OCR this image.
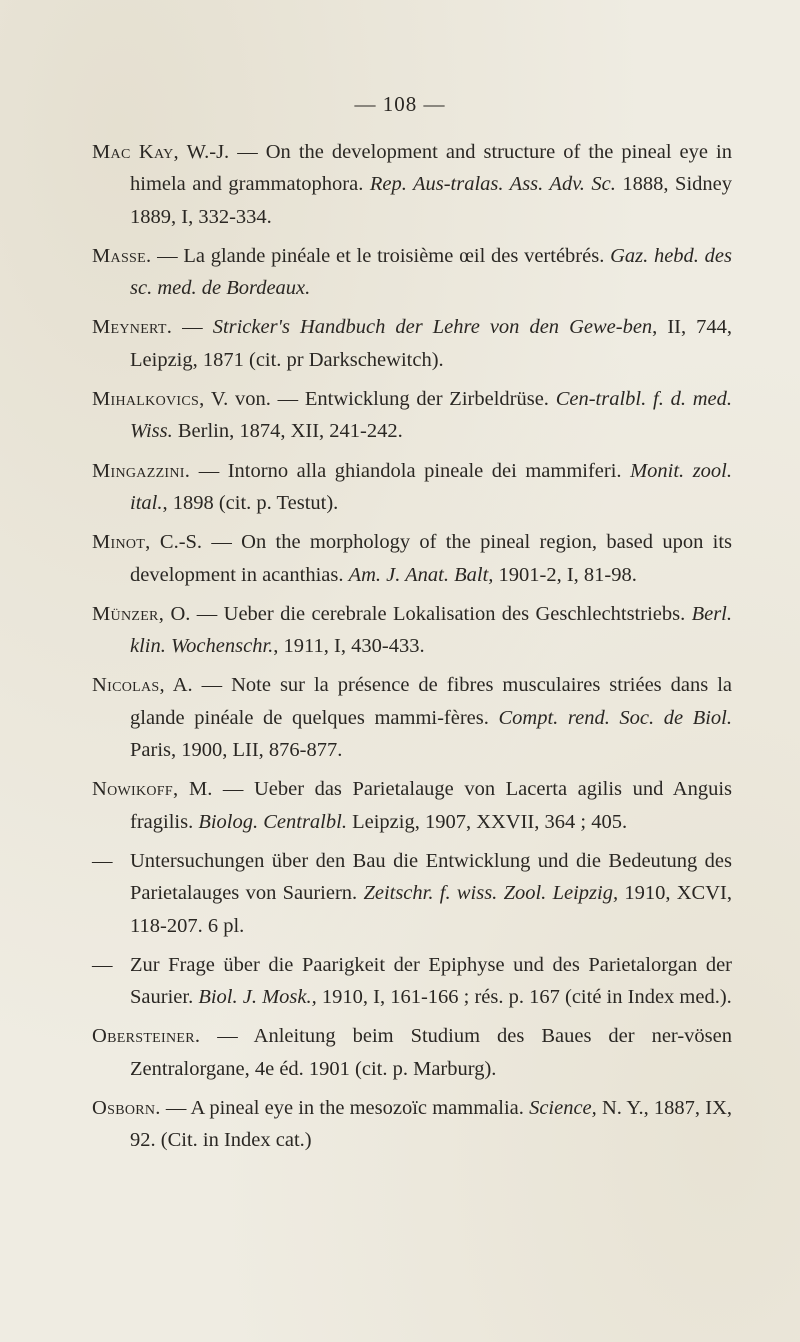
— 108 —

Mac Kay, W.-J. — On the development and structure of the pineal eye in himela and grammatophora. Rep. Aus-tralas. Ass. Adv. Sc. 1888, Sidney 1889, I, 332-334.

Masse. — La glande pinéale et le troisième œil des vertébrés. Gaz. hebd. des sc. med. de Bordeaux.

Meynert. — Stricker's Handbuch der Lehre von den Gewe-ben, II, 744, Leipzig, 1871 (cit. pr Darkschewitch).

Mihalkovics, V. von. — Entwicklung der Zirbeldrüse. Cen-tralbl. f. d. med. Wiss. Berlin, 1874, XII, 241-242.

Mingazzini. — Intorno alla ghiandola pineale dei mammiferi. Monit. zool. ital., 1898 (cit. p. Testut).

Minot, C.-S. — On the morphology of the pineal region, based upon its development in acanthias. Am. J. Anat. Balt, 1901-2, I, 81-98.

Münzer, O. — Ueber die cerebrale Lokalisation des Geschlechtstriebs. Berl. klin. Wochenschr., 1911, I, 430-433.

Nicolas, A. — Note sur la présence de fibres musculaires striées dans la glande pinéale de quelques mammi-fères. Compt. rend. Soc. de Biol. Paris, 1900, LII, 876-877.

Nowikoff, M. — Ueber das Parietalauge von Lacerta agilis und Anguis fragilis. Biolog. Centralbl. Leipzig, 1907, XXVII, 364 ; 405.

— Untersuchungen über den Bau die Entwicklung und die Bedeutung des Parietalauges von Sauriern. Zeitschr. f. wiss. Zool. Leipzig, 1910, XCVI, 118-207. 6 pl.

— Zur Frage über die Paarigkeit der Epiphyse und des Parietalorgan der Saurier. Biol. J. Mosk., 1910, I, 161-166 ; rés. p. 167 (cité in Index med.).

Obersteiner. — Anleitung beim Studium des Baues der ner-vösen Zentralorgane, 4e éd. 1901 (cit. p. Marburg).

Osborn. — A pineal eye in the mesozoïc mammalia. Science, N. Y., 1887, IX, 92. (Cit. in Index cat.)
